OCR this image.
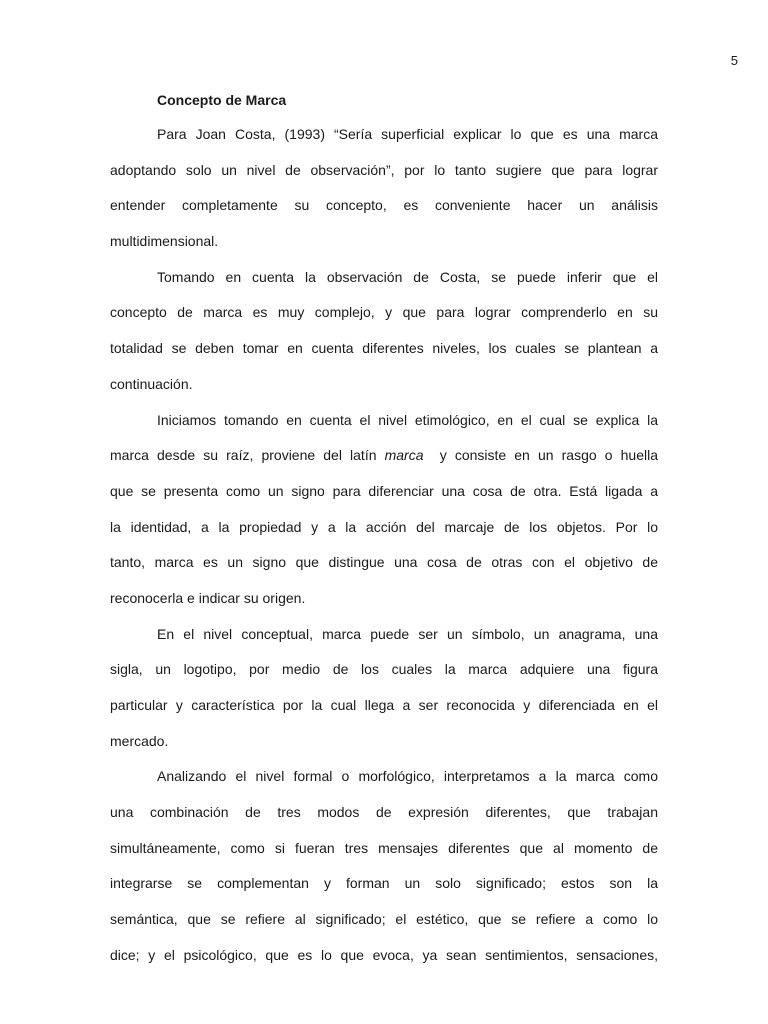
5
Concepto de Marca
Para Joan Costa, (1993) “Sería superficial explicar lo que es una marca
adoptando solo un nivel de observación”, por lo tanto sugiere que para lograr
entender completamente su concepto, es conveniente hacer un análisis
multidimensional.
Tomando en cuenta la observación de Costa, se puede inferir que el
concepto de marca es muy complejo, y que para lograr comprenderlo en su
totalidad se deben tomar en cuenta diferentes niveles, los cuales se plantean a
continuación.
Iniciamos tomando en cuenta el nivel etimológico, en el cual se explica la
marca desde su raíz, proviene del latín marca  y consiste en un rasgo o huella
que se presenta como un signo para diferenciar una cosa de otra. Está ligada a
la identidad, a la propiedad y a la acción del marcaje de los objetos. Por lo
tanto, marca es un signo que distingue una cosa de otras con el objetivo de
reconocerla e indicar su origen.
En el nivel conceptual, marca puede ser un símbolo, un anagrama, una
sigla, un logotipo, por medio de los cuales la marca adquiere una figura
particular y característica por la cual llega a ser reconocida y diferenciada en el
mercado.
Analizando el nivel formal o morfológico, interpretamos a la marca como
una combinación de tres modos de expresión diferentes, que trabajan
simultáneamente, como si fueran tres mensajes diferentes que al momento de
integrarse se complementan y forman un solo significado; estos son la
semántica, que se refiere al significado; el estético, que se refiere a como lo
dice; y el psicológico, que es lo que evoca, ya sean sentimientos, sensaciones,
